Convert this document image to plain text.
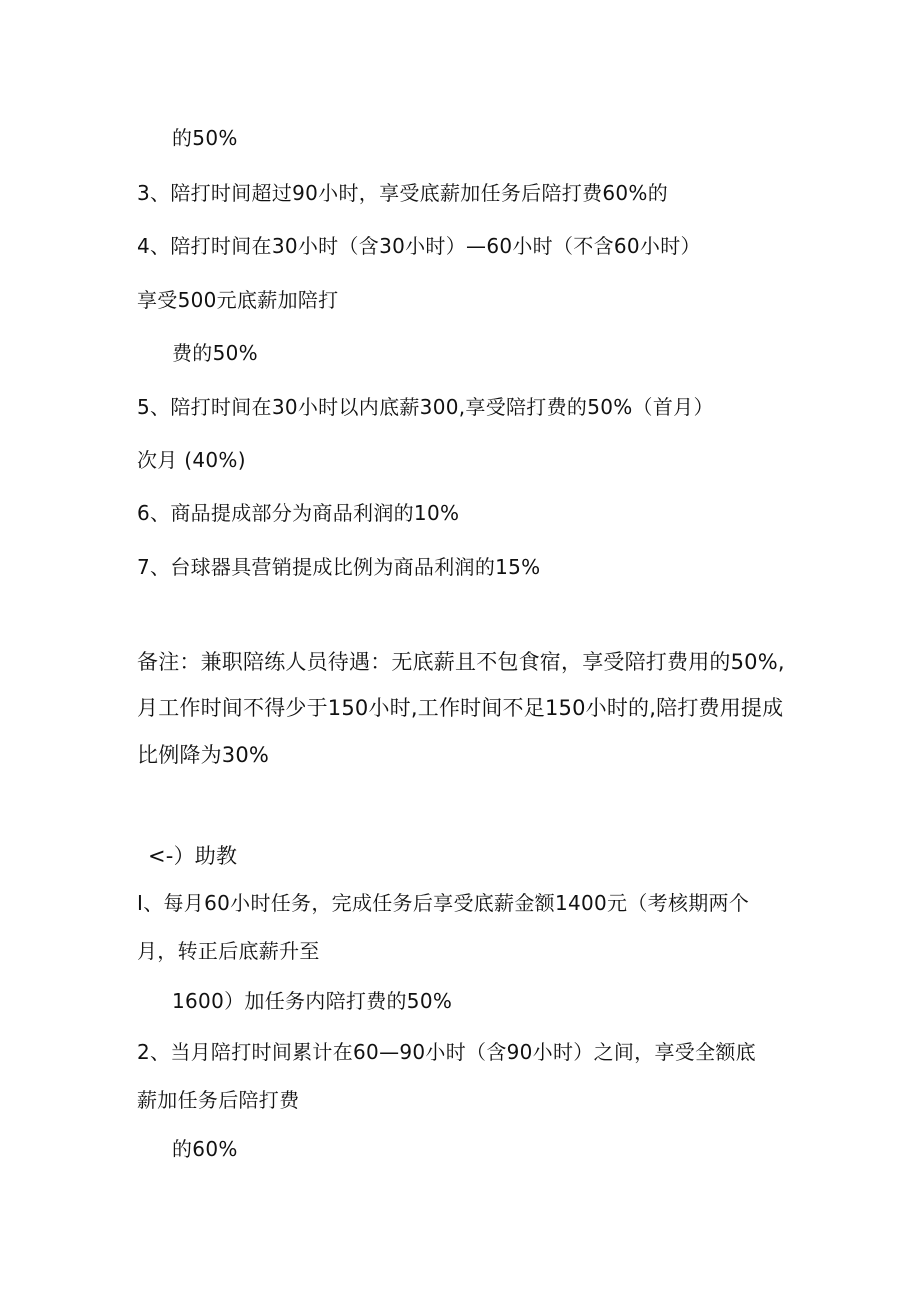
的50%
3、陪打时间超过90小时，享受底薪加任务后陪打费60%的
4、陪打时间在30小时（含30小时）—60小时（不含60小时）
享受500元底薪加陪打
费的50%
5、陪打时间在30小时以内底薪300,享受陪打费的50%（首月）
次月 (40%)
6、商品提成部分为商品利润的10%
7、台球器具营销提成比例为商品利润的15%
备注：兼职陪练人员待遇：无底薪且不包食宿，享受陪打费用的50%,
月工作时间不得少于150小时,工作时间不足150小时的,陪打费用提成
比例降为30%
<-）助教
I、每月60小时任务，完成任务后享受底薪金额1400元（考核期两个
月，转正后底薪升至
1600）加任务内陪打费的50%
2、当月陪打时间累计在60—90小时（含90小时）之间，享受全额底
薪加任务后陪打费
的60%
